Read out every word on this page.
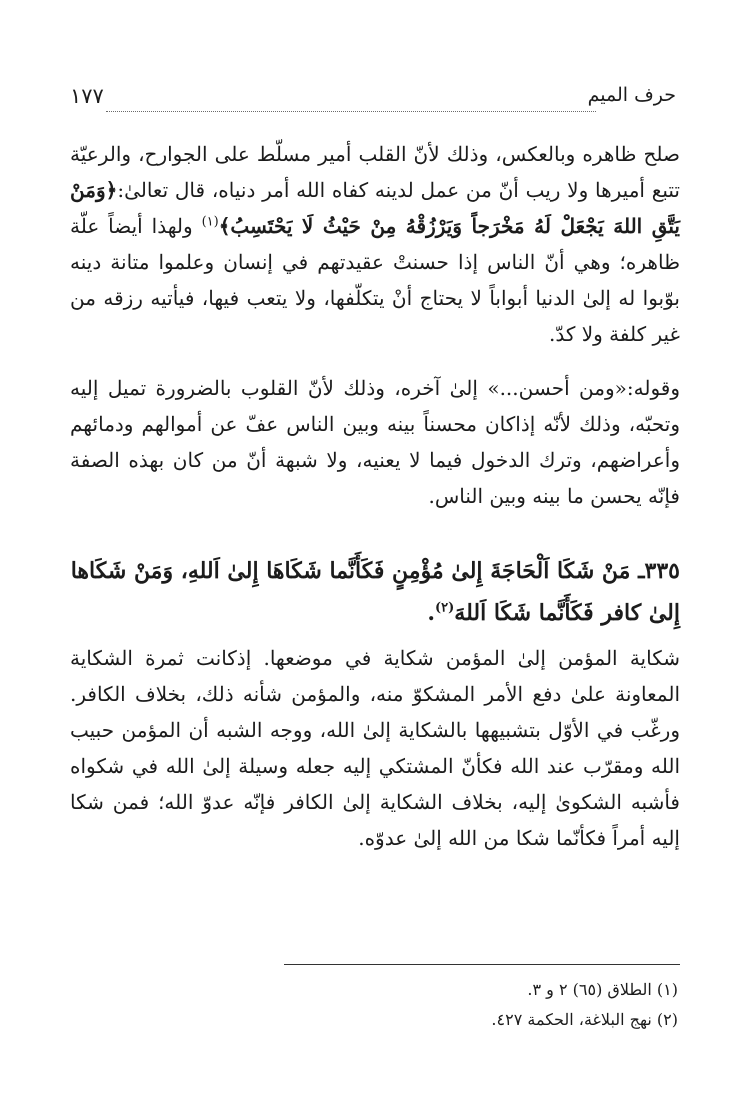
حرف الميم
١٧٧

صلح ظاهره وبالعكس، وذلك لأنّ القلب أمير مسلّط على الجوارح، والرعيّة تتبع أميرها ولا ريب أنّ من عمل لدينه كفاه الله أمر دنياه، قال تعالىٰ:﴿وَمَنْ يَتَّقِ اللهَ يَجْعَلْ لَهُ مَخْرَجاً وَيَرْزُقْهُ مِنْ حَيْثُ لَا يَحْتَسِبُ﴾$^{(١)}$ ولهذا أيضاً علّة ظاهره؛ وهي أنّ الناس إذا حسنتْ عقيدتهم في إنسان وعلموا متانة دينه بوّبوا له إلىٰ الدنيا أبواباً لا يحتاج أنْ يتكلّفها، ولا يتعب فيها، فيأتيه رزقه من غير كلفة ولا كدّ.

وقوله:«ومن أحسن...» إلىٰ آخره، وذلك لأنّ القلوب بالضرورة تميل إليه وتحبّه، وذلك لأنّه إذاكان محسناً بينه وبين الناس عفّ عن أموالهم ودمائهم وأعراضهم، وترك الدخول فيما لا يعنيه، ولا شبهة أنّ من كان بهذه الصفة فإنّه يحسن ما بينه وبين الناس.

٣٣٥ـ مَنْ شَكَا اَلْحَاجَةَ إِلىٰ مُؤْمِنٍ فَكَأَنَّما شَكَاهَا إِلىٰ اَللهِ، وَمَنْ شَكَاها إِلىٰ كافر فَكَأَنَّما شَكَا اَللهَ$^{(٢)}$.

شكاية المؤمن إلىٰ المؤمن شكاية في موضعها. إذكانت ثمرة الشكاية المعاونة علىٰ دفع الأمر المشكوّ منه، والمؤمن شأنه ذلك، بخلاف الكافر. ورغّب في الأوّل بتشبيهها بالشكاية إلىٰ الله، ووجه الشبه أن المؤمن حبيب الله ومقرّب عند الله فكأنّ المشتكي إليه جعله وسيلة إلىٰ الله في شكواه فأشبه الشكوىٰ إليه، بخلاف الشكاية إلىٰ الكافر فإنّه عدوّ الله؛ فمن شكا إليه أمراً فكأنّما شكا من الله إلىٰ عدوّه.

(١) الطلاق (٦٥) ٢ و ٣.

(٢) نهج البلاغة، الحكمة ٤٢٧.
